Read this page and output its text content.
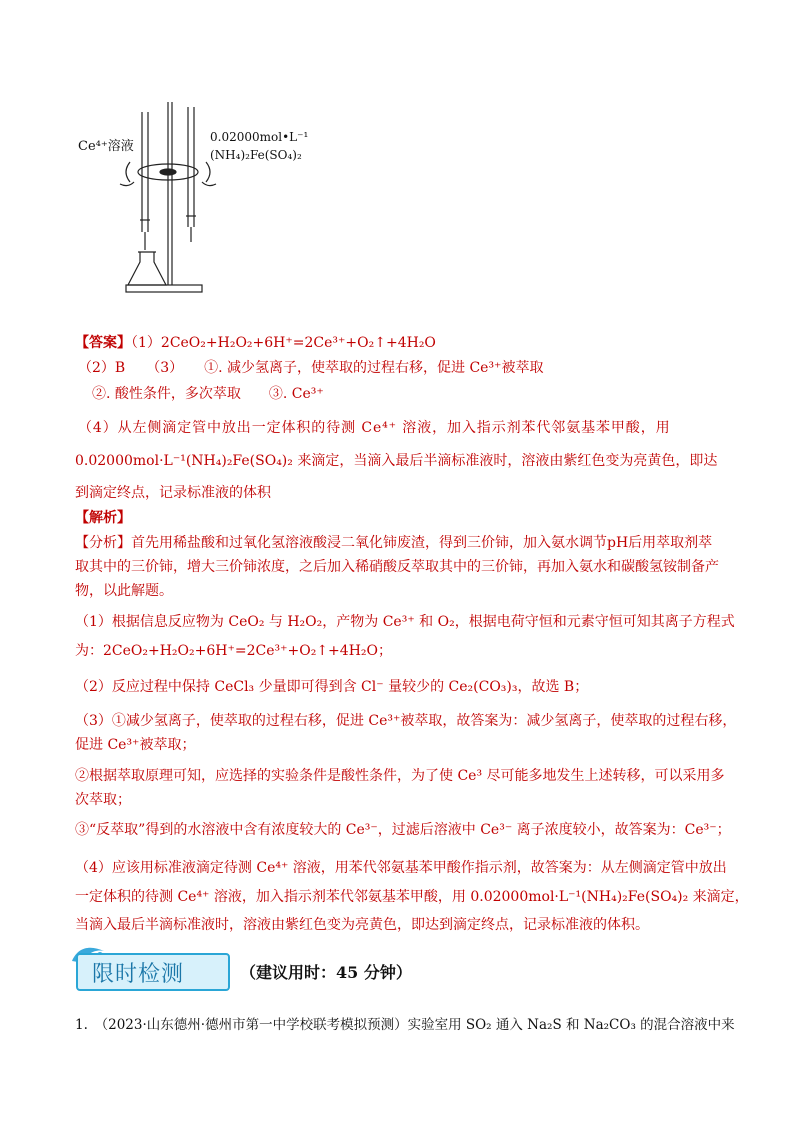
Ce⁴⁺溶液
0.02000mol•L⁻¹
(NH₄)₂Fe(SO₄)₂
【答案】（1）2CeO₂+H₂O₂+6H⁺=2Ce³⁺+O₂↑+4H₂O
（2）B　　（3）　　①. 减少氢离子，使萃取的过程右移，促进 Ce³⁺被萃取
②. 酸性条件，多次萃取　　③. Ce³⁺
（4）从左侧滴定管中放出一定体积的待测 Ce⁴⁺ 溶液，加入指示剂苯代邻氨基苯甲酸，用
0.02000mol·L⁻¹(NH₄)₂Fe(SO₄)₂ 来滴定，当滴入最后半滴标准液时，溶液由紫红色变为亮黄色，即达
到滴定终点，记录标准液的体积
【解析】
【分析】首先用稀盐酸和过氧化氢溶液酸浸二氧化铈废渣，得到三价铈，加入氨水调节pH后用萃取剂萃
取其中的三价铈，增大三价铈浓度，之后加入稀硝酸反萃取其中的三价铈，再加入氨水和碳酸氢铵制备产
物，以此解题。
（1）根据信息反应物为 CeO₂ 与 H₂O₂，产物为 Ce³⁺ 和 O₂，根据电荷守恒和元素守恒可知其离子方程式
为：2CeO₂+H₂O₂+6H⁺=2Ce³⁺+O₂↑+4H₂O；
（2）反应过程中保持 CeCl₃ 少量即可得到含 Cl⁻ 量较少的 Ce₂(CO₃)₃，故选 B；
（3）①减少氢离子，使萃取的过程右移，促进 Ce³⁺被萃取，故答案为：减少氢离子，使萃取的过程右移，
促进 Ce³⁺被萃取；
②根据萃取原理可知，应选择的实验条件是酸性条件，为了使 Ce³ 尽可能多地发生上述转移，可以采用多
次萃取；
③“反萃取”得到的水溶液中含有浓度较大的 Ce³⁻，过滤后溶液中 Ce³⁻ 离子浓度较小，故答案为：Ce³⁻；
（4）应该用标准液滴定待测 Ce⁴⁺ 溶液，用苯代邻氨基苯甲酸作指示剂，故答案为：从左侧滴定管中放出
一定体积的待测 Ce⁴⁺ 溶液，加入指示剂苯代邻氨基苯甲酸，用 0.02000mol·L⁻¹(NH₄)₂Fe(SO₄)₂ 来滴定，
当滴入最后半滴标准液时，溶液由紫红色变为亮黄色，即达到滴定终点，记录标准液的体积。
限时检测	（建议用时：45 分钟）
1.　（2023·山东德州·德州市第一中学校联考模拟预测）实验室用 SO₂ 通入 Na₂S 和 Na₂CO₃ 的混合溶液中来
